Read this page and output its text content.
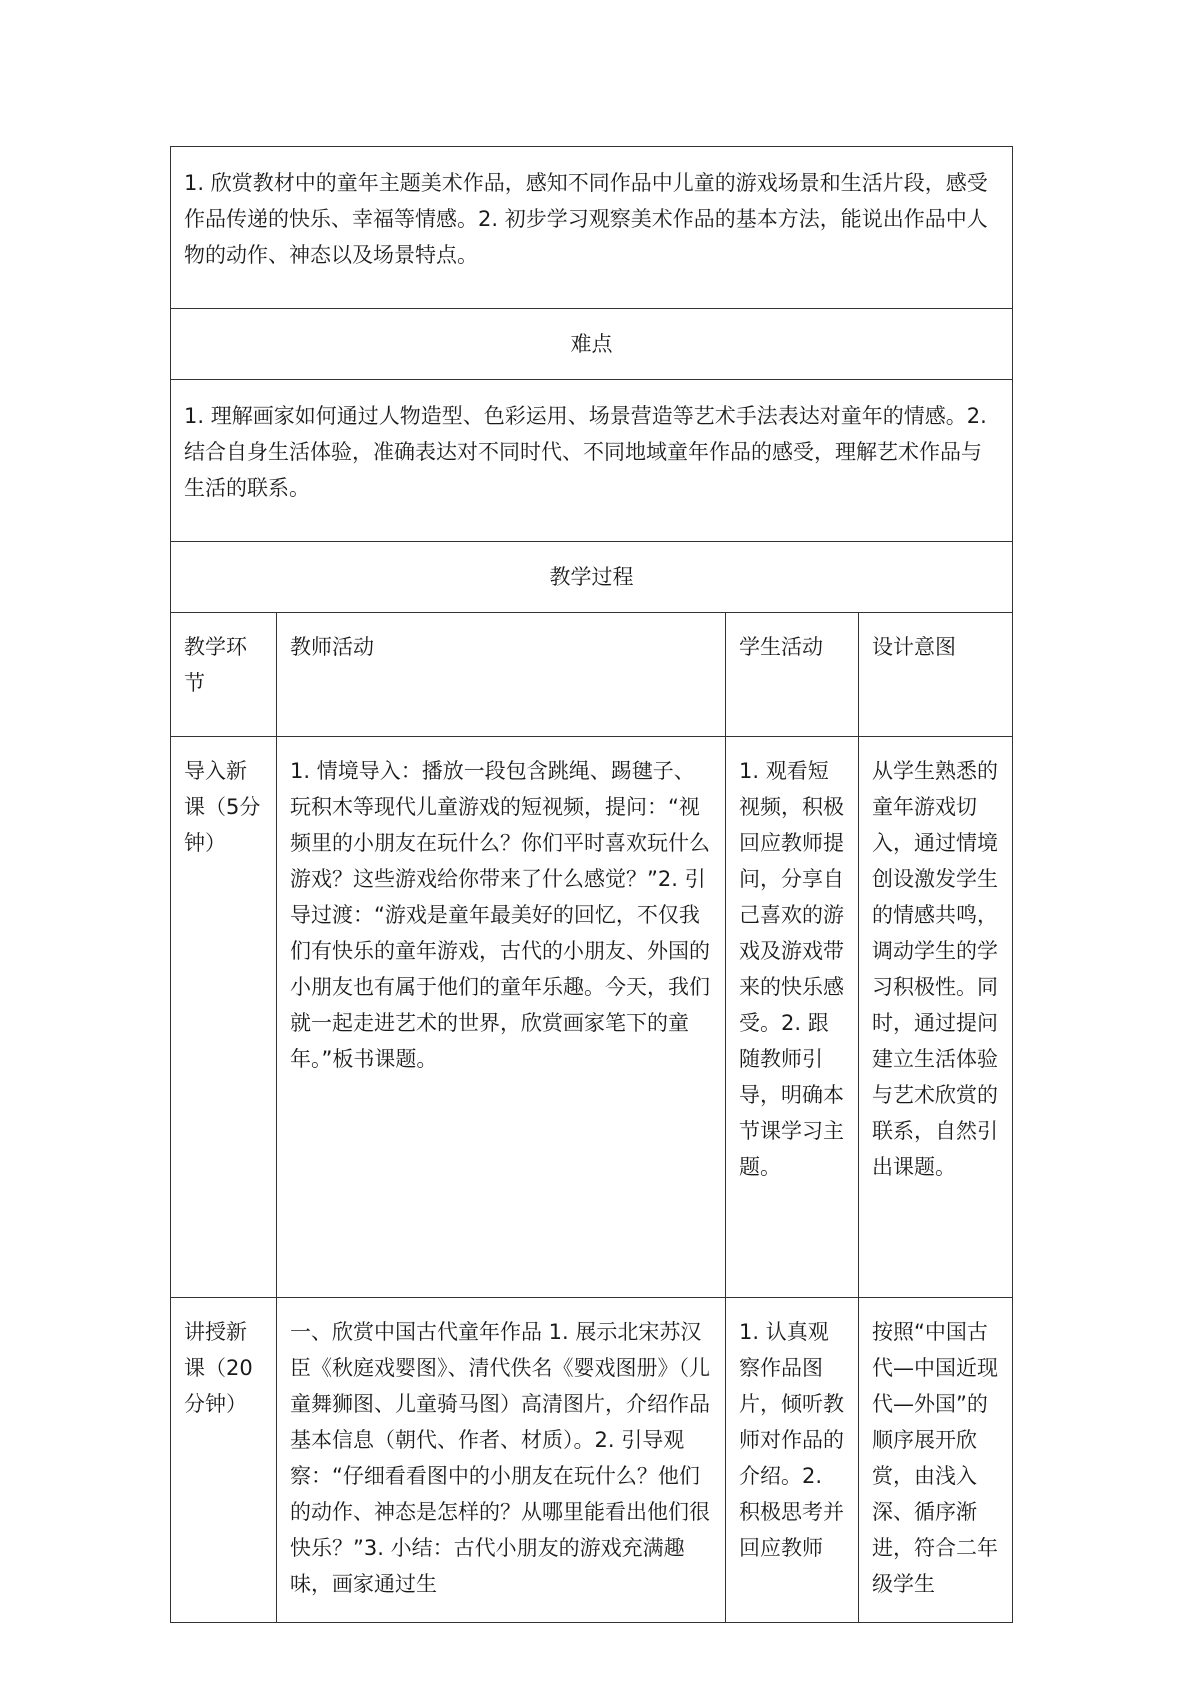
1. 欣赏教材中的童年主题美术作品，感知不同作品中儿童的游戏场景和生活片段，感受作品传递的快乐、幸福等情感。2. 初步学习观察美术作品的基本方法，能说出作品中人物的动作、神态以及场景特点。			
难点			
1. 理解画家如何通过人物造型、色彩运用、场景营造等艺术手法表达对童年的情感。2. 结合自身生活体验，准确表达对不同时代、不同地域童年作品的感受，理解艺术作品与生活的联系。			
教学过程			
教学环节	教师活动	学生活动	设计意图
导入新课（5分钟）	1. 情境导入：播放一段包含跳绳、踢毽子、玩积木等现代儿童游戏的短视频，提问：“视频里的小朋友在玩什么？你们平时喜欢玩什么游戏？这些游戏给你带来了什么感觉？”2. 引导过渡：“游戏是童年最美好的回忆，不仅我们有快乐的童年游戏，古代的小朋友、外国的小朋友也有属于他们的童年乐趣。今天，我们就一起走进艺术的世界，欣赏画家笔下的童年。”板书课题。	1. 观看短视频，积极回应教师提问，分享自己喜欢的游戏及游戏带来的快乐感受。2. 跟随教师引导，明确本节课学习主题。	从学生熟悉的童年游戏切入，通过情境创设激发学生的情感共鸣，调动学生的学习积极性。同时，通过提问建立生活体验与艺术欣赏的联系，自然引出课题。

讲授新课（20分钟）	一、欣赏中国古代童年作品 1. 展示北宋苏汉臣《秋庭戏婴图》、清代佚名《婴戏图册》（儿童舞狮图、儿童骑马图）高清图片，介绍作品基本信息（朝代、作者、材质）。2. 引导观察：“仔细看看图中的小朋友在玩什么？他们的动作、神态是怎样的？从哪里能看出他们很快乐？”3. 小结：古代小朋友的游戏充满趣味，画家通过生	1. 认真观察作品图片，倾听教师对作品的介绍。2. 积极思考并回应教师	按照“中国古代—中国近现代—外国”的顺序展开欣赏，由浅入深、循序渐进，符合二年级学生
